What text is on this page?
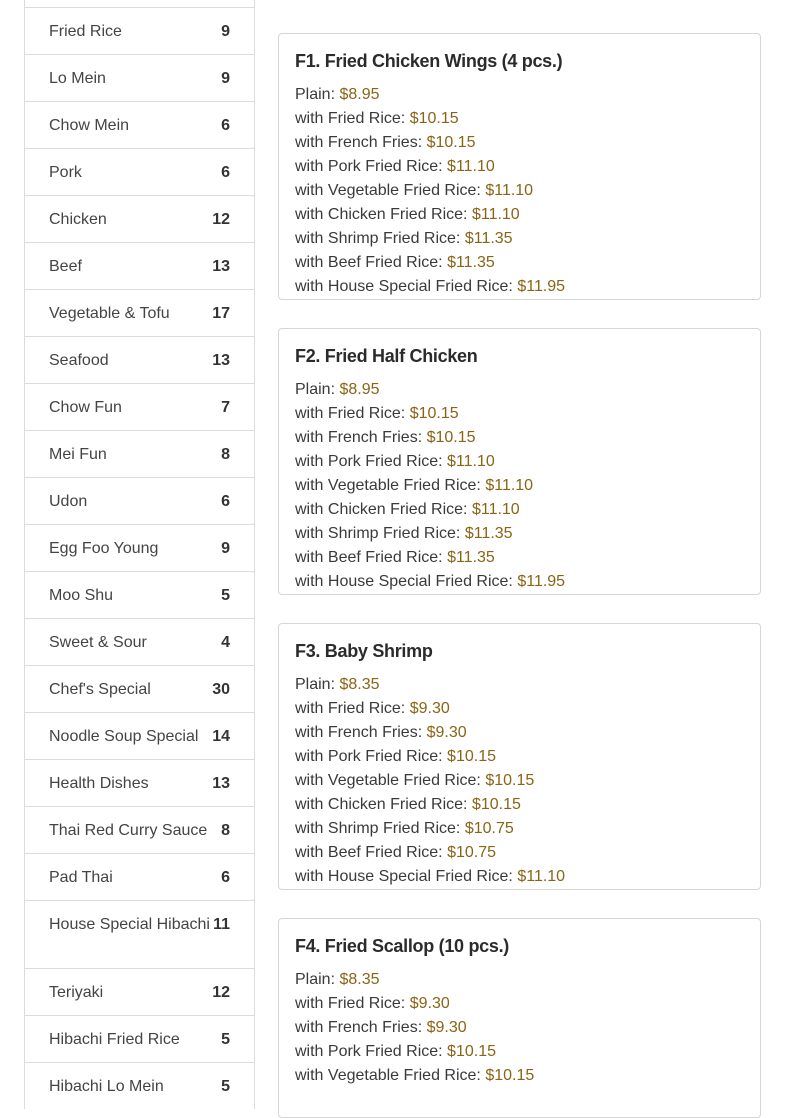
Fried Rice	9
Lo Mein	9
Chow Mein	6
Pork	6
Chicken	12
Beef	13
Vegetable & Tofu	17
Seafood	13
Chow Fun	7
Mei Fun	8
Udon	6
Egg Foo Young	9
Moo Shu	5
Sweet & Sour	4
Chef's Special	30
Noodle Soup Special 14
Health Dishes	13
Thai Red Curry Sauce 8
Pad Thai	6
House Special Hibachi 11
Teriyaki	12
Hibachi Fried Rice	5
Hibachi Lo Mein	5
F1. Fried Chicken Wings (4 pcs.)
Plain: $8.95
with Fried Rice: $10.15
with French Fries: $10.15
with Pork Fried Rice: $11.10
with Vegetable Fried Rice: $11.10
with Chicken Fried Rice: $11.10
with Shrimp Fried Rice: $11.35
with Beef Fried Rice: $11.35
with House Special Fried Rice: $11.95
F2. Fried Half Chicken
Plain: $8.95
with Fried Rice: $10.15
with French Fries: $10.15
with Pork Fried Rice: $11.10
with Vegetable Fried Rice: $11.10
with Chicken Fried Rice: $11.10
with Shrimp Fried Rice: $11.35
with Beef Fried Rice: $11.35
with House Special Fried Rice: $11.95
F3. Baby Shrimp
Plain: $8.35
with Fried Rice: $9.30
with French Fries: $9.30
with Pork Fried Rice: $10.15
with Vegetable Fried Rice: $10.15
with Chicken Fried Rice: $10.15
with Shrimp Fried Rice: $10.75
with Beef Fried Rice: $10.75
with House Special Fried Rice: $11.10
F4. Fried Scallop (10 pcs.)
Plain: $8.35
with Fried Rice: $9.30
with French Fries: $9.30
with Pork Fried Rice: $10.15
with Vegetable Fried Rice: $10.15
